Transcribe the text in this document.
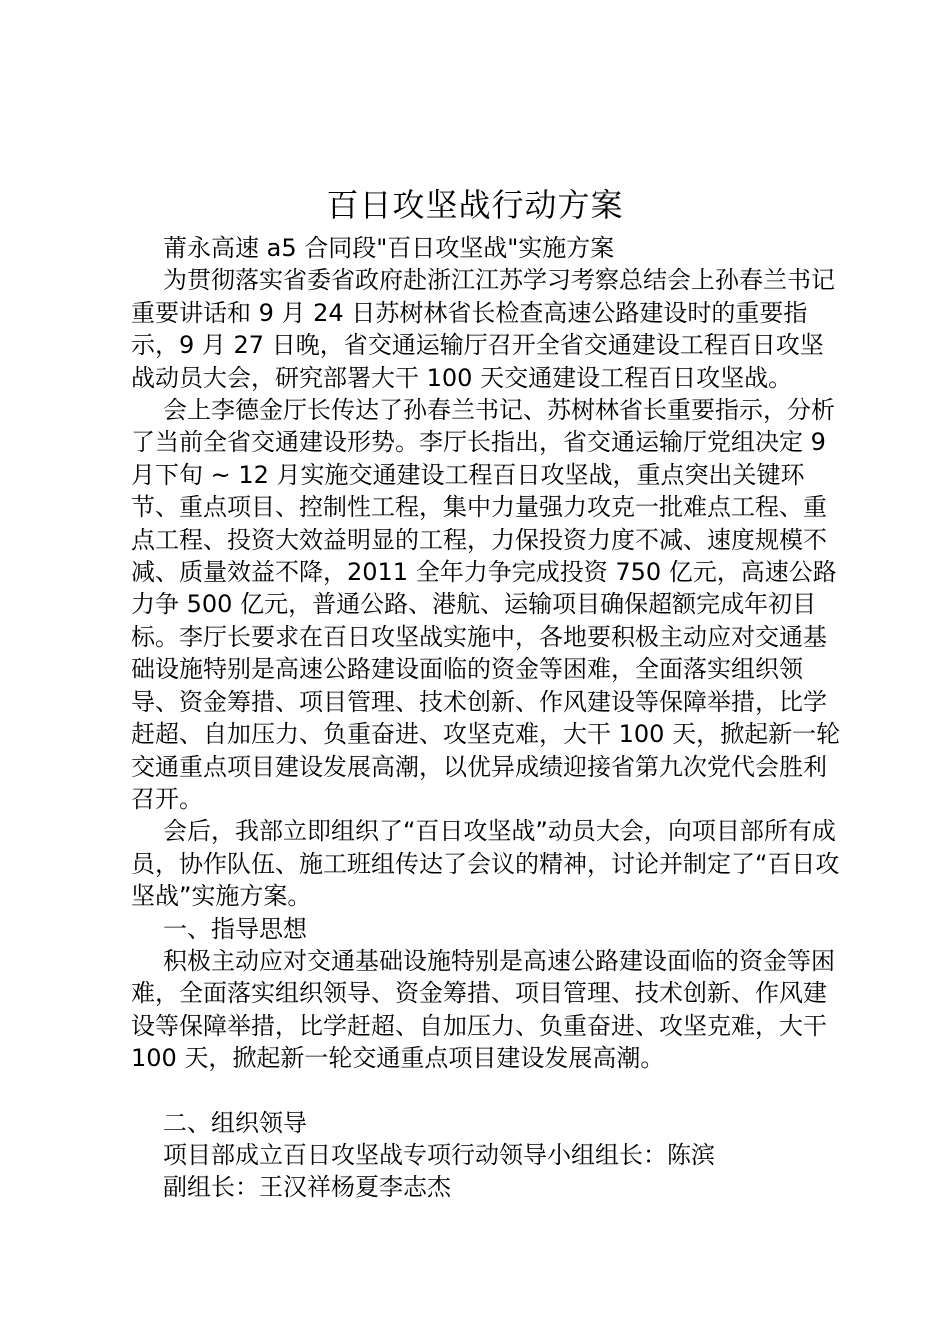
百日攻坚战行动方案

莆永高速 a5 合同段"百日攻坚战"实施方案

为贯彻落实省委省政府赴浙江江苏学习考察总结会上孙春兰书记重要讲话和 9 月 24 日苏树林省长检查高速公路建设时的重要指示，9 月 27 日晚，省交通运输厅召开全省交通建设工程百日攻坚战动员大会，研究部署大干 100 天交通建设工程百日攻坚战。

会上李德金厅长传达了孙春兰书记、苏树林省长重要指示，分析了当前全省交通建设形势。李厅长指出，省交通运输厅党组决定 9 月下旬 ~ 12 月实施交通建设工程百日攻坚战，重点突出关键环节、重点项目、控制性工程，集中力量强力攻克一批难点工程、重点工程、投资大效益明显的工程，力保投资力度不减、速度规模不减、质量效益不降，2011 全年力争完成投资 750 亿元，高速公路力争 500 亿元，普通公路、港航、运输项目确保超额完成年初目标。李厅长要求在百日攻坚战实施中，各地要积极主动应对交通基础设施特别是高速公路建设面临的资金等困难，全面落实组织领导、资金筹措、项目管理、技术创新、作风建设等保障举措，比学赶超、自加压力、负重奋进、攻坚克难，大干 100 天，掀起新一轮交通重点项目建设发展高潮，以优异成绩迎接省第九次党代会胜利召开。

会后，我部立即组织了“百日攻坚战”动员大会，向项目部所有成员，协作队伍、施工班组传达了会议的精神，讨论并制定了“百日攻坚战”实施方案。

一、指导思想

积极主动应对交通基础设施特别是高速公路建设面临的资金等困难，全面落实组织领导、资金筹措、项目管理、技术创新、作风建设等保障举措，比学赶超、自加压力、负重奋进、攻坚克难，大干 100 天，掀起新一轮交通重点项目建设发展高潮。

二、组织领导

项目部成立百日攻坚战专项行动领导小组组长：陈滨

副组长：王汉祥杨夏李志杰
